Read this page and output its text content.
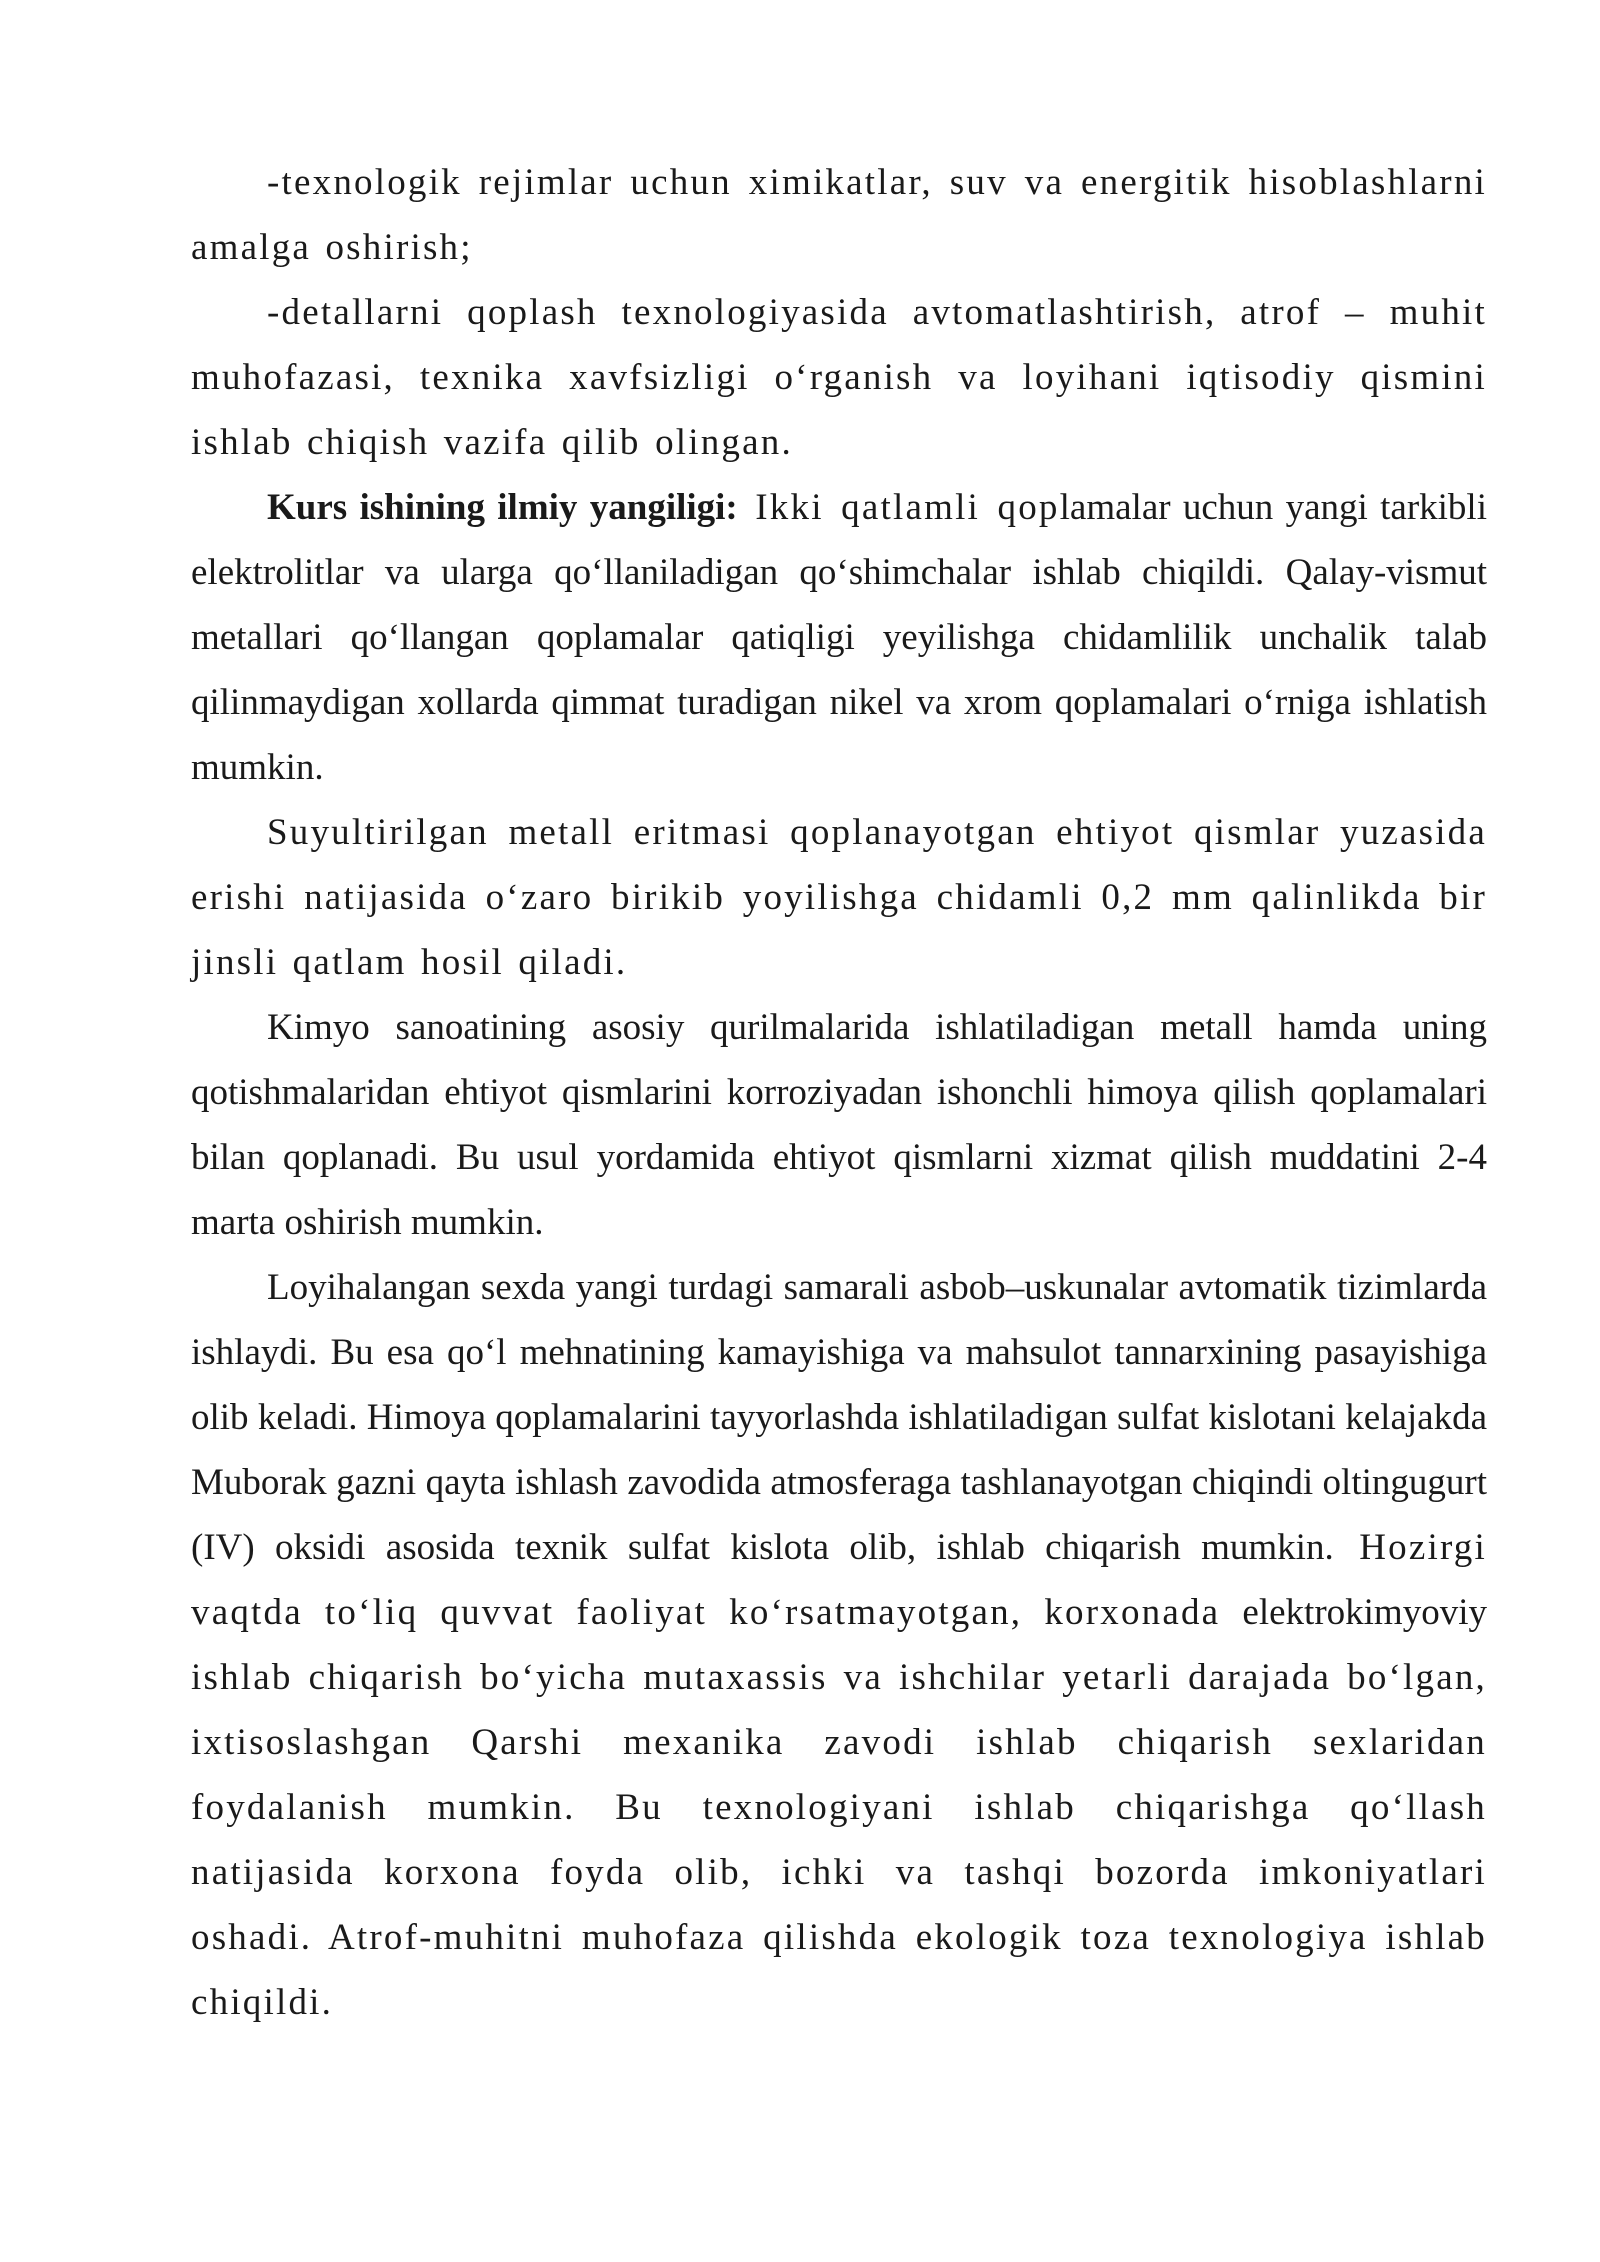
-texnologik rejimlar uchun ximikatlar, suv va energitik hisoblashlarni amalga oshirish;

-detallarni qoplash texnologiyasida avtomatlashtirish, atrof – muhit muhofazasi, texnika xavfsizligi o‘rganish va loyihani iqtisodiy qismini ishlab chiqish vazifa qilib olingan.

Kurs ishining ilmiy yangiligi: Ikki qatlamli qoplamalar uchun yangi tarkibli elektrolitlar va ularga qo‘llaniladigan qo‘shimchalar ishlab chiqildi. Qalay-vismut metallari qo‘llangan qoplamalar qatiqligi yeyilishga chidamlilik unchalik talab qilinmaydigan xollarda qimmat turadigan nikel va xrom qoplamalari o‘rniga ishlatish mumkin.

Suyultirilgan metall eritmasi qoplanayotgan ehtiyot qismlar yuzasida erishi natijasida o‘zaro birikib yoyilishga chidamli 0,2 mm qalinlikda bir jinsli qatlam hosil qiladi.

Kimyo sanoatining asosiy qurilmalarida ishlatiladigan metall hamda uning qotishmalaridan ehtiyot qismlarini korroziyadan ishonchli himoya qilish qoplamalari bilan qoplanadi. Bu usul yordamida ehtiyot qismlarni xizmat qilish muddatini 2-4 marta oshirish mumkin.

Loyihalangan sexda yangi turdagi samarali asbob–uskunalar avtomatik tizimlarda ishlaydi. Bu esa qo‘l mehnatining kamayishiga va mahsulot tannarxining pasayishiga olib keladi. Himoya qoplamalarini tayyorlashda ishlatiladigan sulfat kislotani kelajakda Muborak gazni qayta ishlash zavodida atmosferaga tashlanayotgan chiqindi oltingugurt (IV) oksidi asosida texnik sulfat kislota olib, ishlab chiqarish mumkin. Hozirgi vaqtda to‘liq quvvat faoliyat ko‘rsatmayotgan, korxonada elektrokimyoviy ishlab chiqarish bo‘yicha mutaxassis va ishchilar yetarli darajada bo‘lgan, ixtisoslashgan Qarshi mexanika zavodi ishlab chiqarish sexlaridan foydalanish mumkin. Bu texnologiyani ishlab chiqarishga qo‘llash natijasida korxona foyda olib, ichki va tashqi bozorda imkoniyatlari oshadi. Atrof-muhitni muhofaza qilishda ekologik toza texnologiya ishlab chiqildi.
